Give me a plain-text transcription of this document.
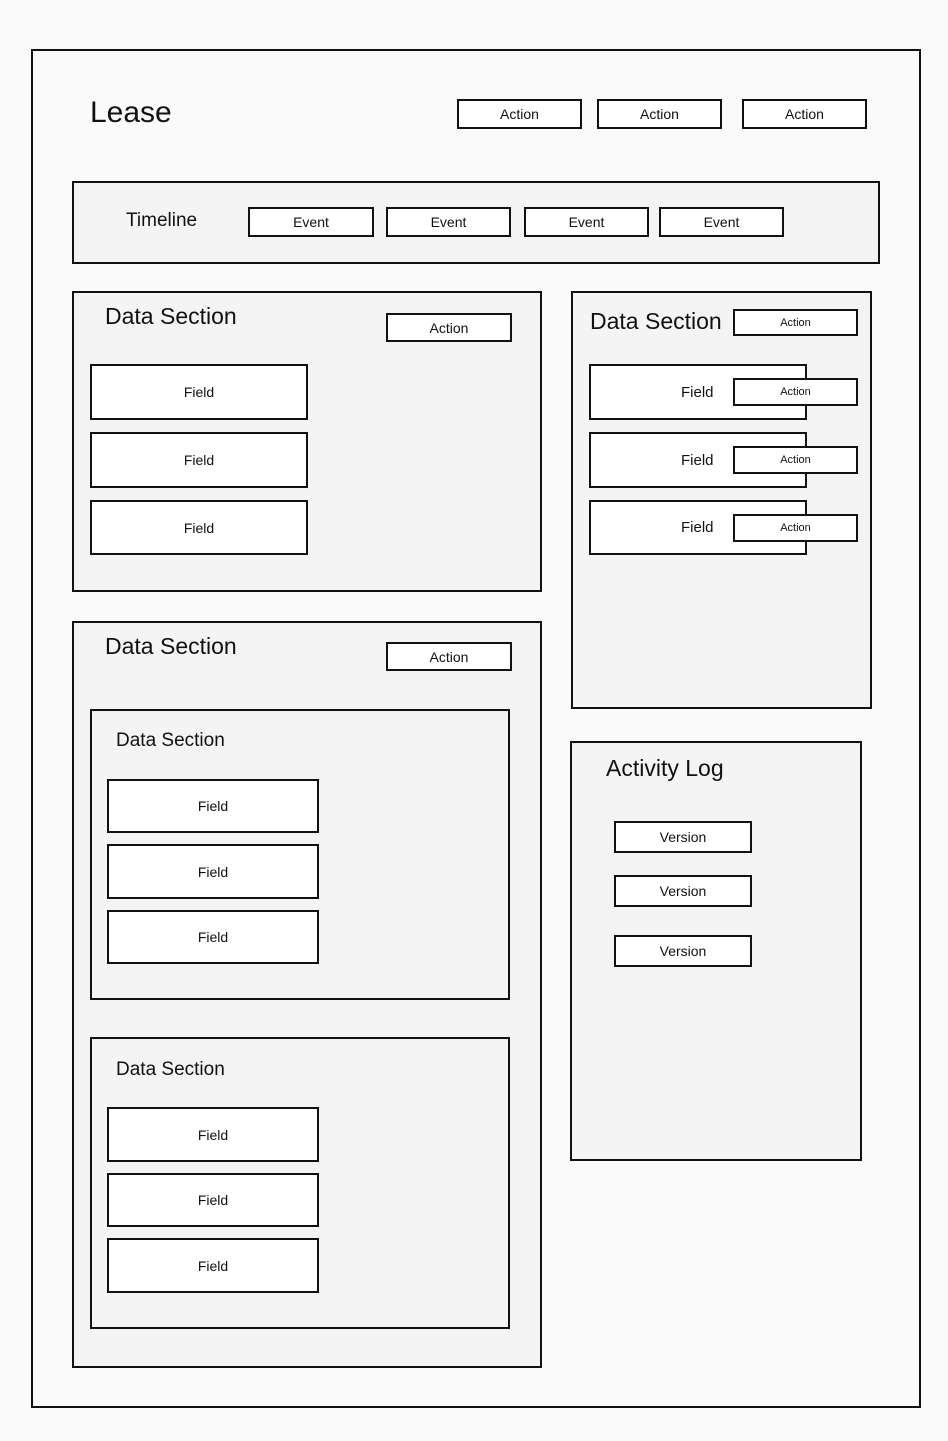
Lease	Action	Action	Action
Timeline	Event	Event	Event	Event
Data Section	Action
Field
Field
Field
Data Section	Action
Field	Action
Field	Action
Field	Action
Data Section	Action
Data Section
Field
Field
Field
Data Section
Field
Field
Field
Activity Log
Version
Version
Version
